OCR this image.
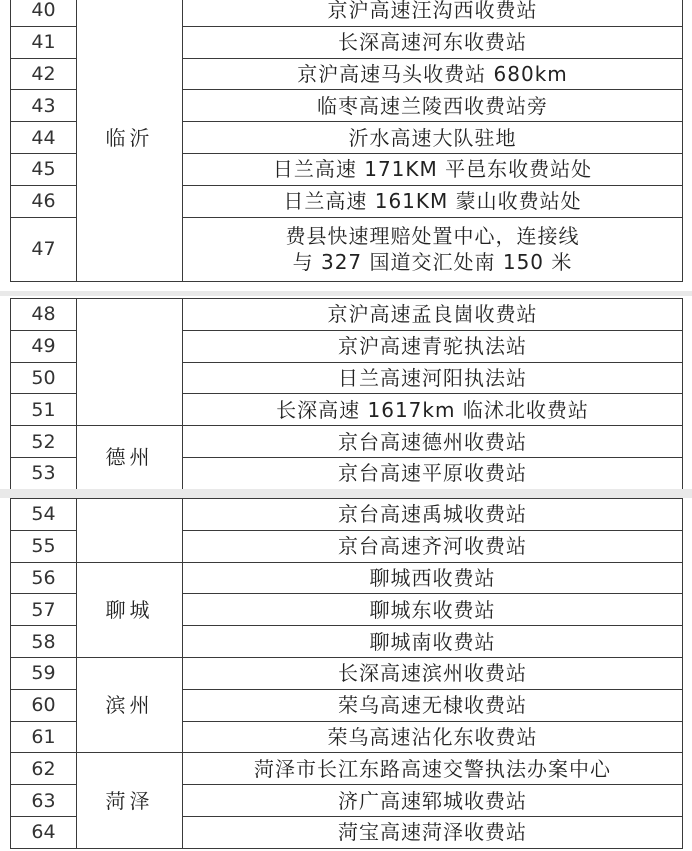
40	临沂	京沪高速汪沟西收费站

41		长深高速河东收费站

42		京沪高速马头收费站 680km

43		临枣高速兰陵西收费站旁

44		沂水高速大队驻地

45		日兰高速 171KM 平邑东收费站处

46		日兰高速 161KM 蒙山收费站处

47		费县快速理赔处置中心，连接线
与 327 国道交汇处南 150 米
48		京沪高速孟良崮收费站

49		京沪高速青驼执法站

50		日兰高速河阳执法站

51		长深高速 1617km 临沭北收费站

52	德州	京台高速德州收费站

53		京台高速平原收费站
54		京台高速禹城收费站

55		京台高速齐河收费站

56	聊城	聊城西收费站

57		聊城东收费站

58		聊城南收费站

59	滨州	长深高速滨州收费站

60		荣乌高速无棣收费站

61		荣乌高速沾化东收费站

62	菏泽	菏泽市长江东路高速交警执法办案中心

63		济广高速郓城收费站

64		菏宝高速菏泽收费站
